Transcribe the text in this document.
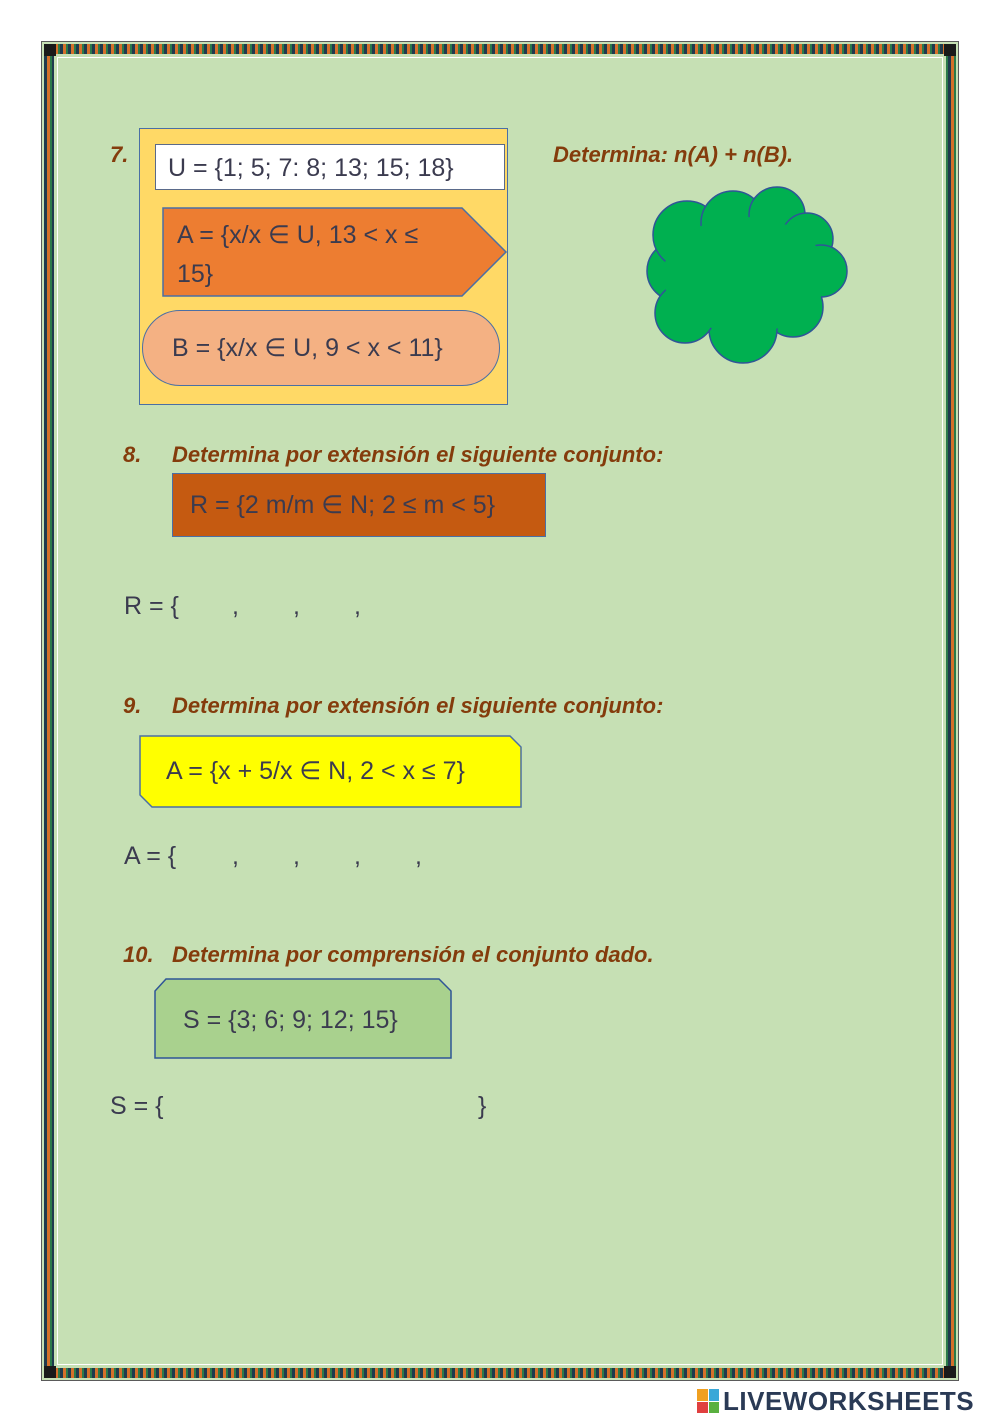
7. U = {1; 5; 7: 8; 13; 15; 18}
A = {x/x ∈ U, 13 < x ≤
15}
B = {x/x ∈ U, 9 < x < 11}
Determina: n(A) + n(B).
8. Determina por extensión el siguiente conjunto:
R = {2 m/m ∈ N; 2 ≤ m < 5}
R = { , , ,
9. Determina por extensión el siguiente conjunto:
A = {x + 5/x ∈ N, 2 < x ≤ 7}
A = { , , , ,
10. Determina por comprensión el conjunto dado.
S = {3; 6; 9; 12; 15}
S = {	}
LIVEWORKSHEETS
